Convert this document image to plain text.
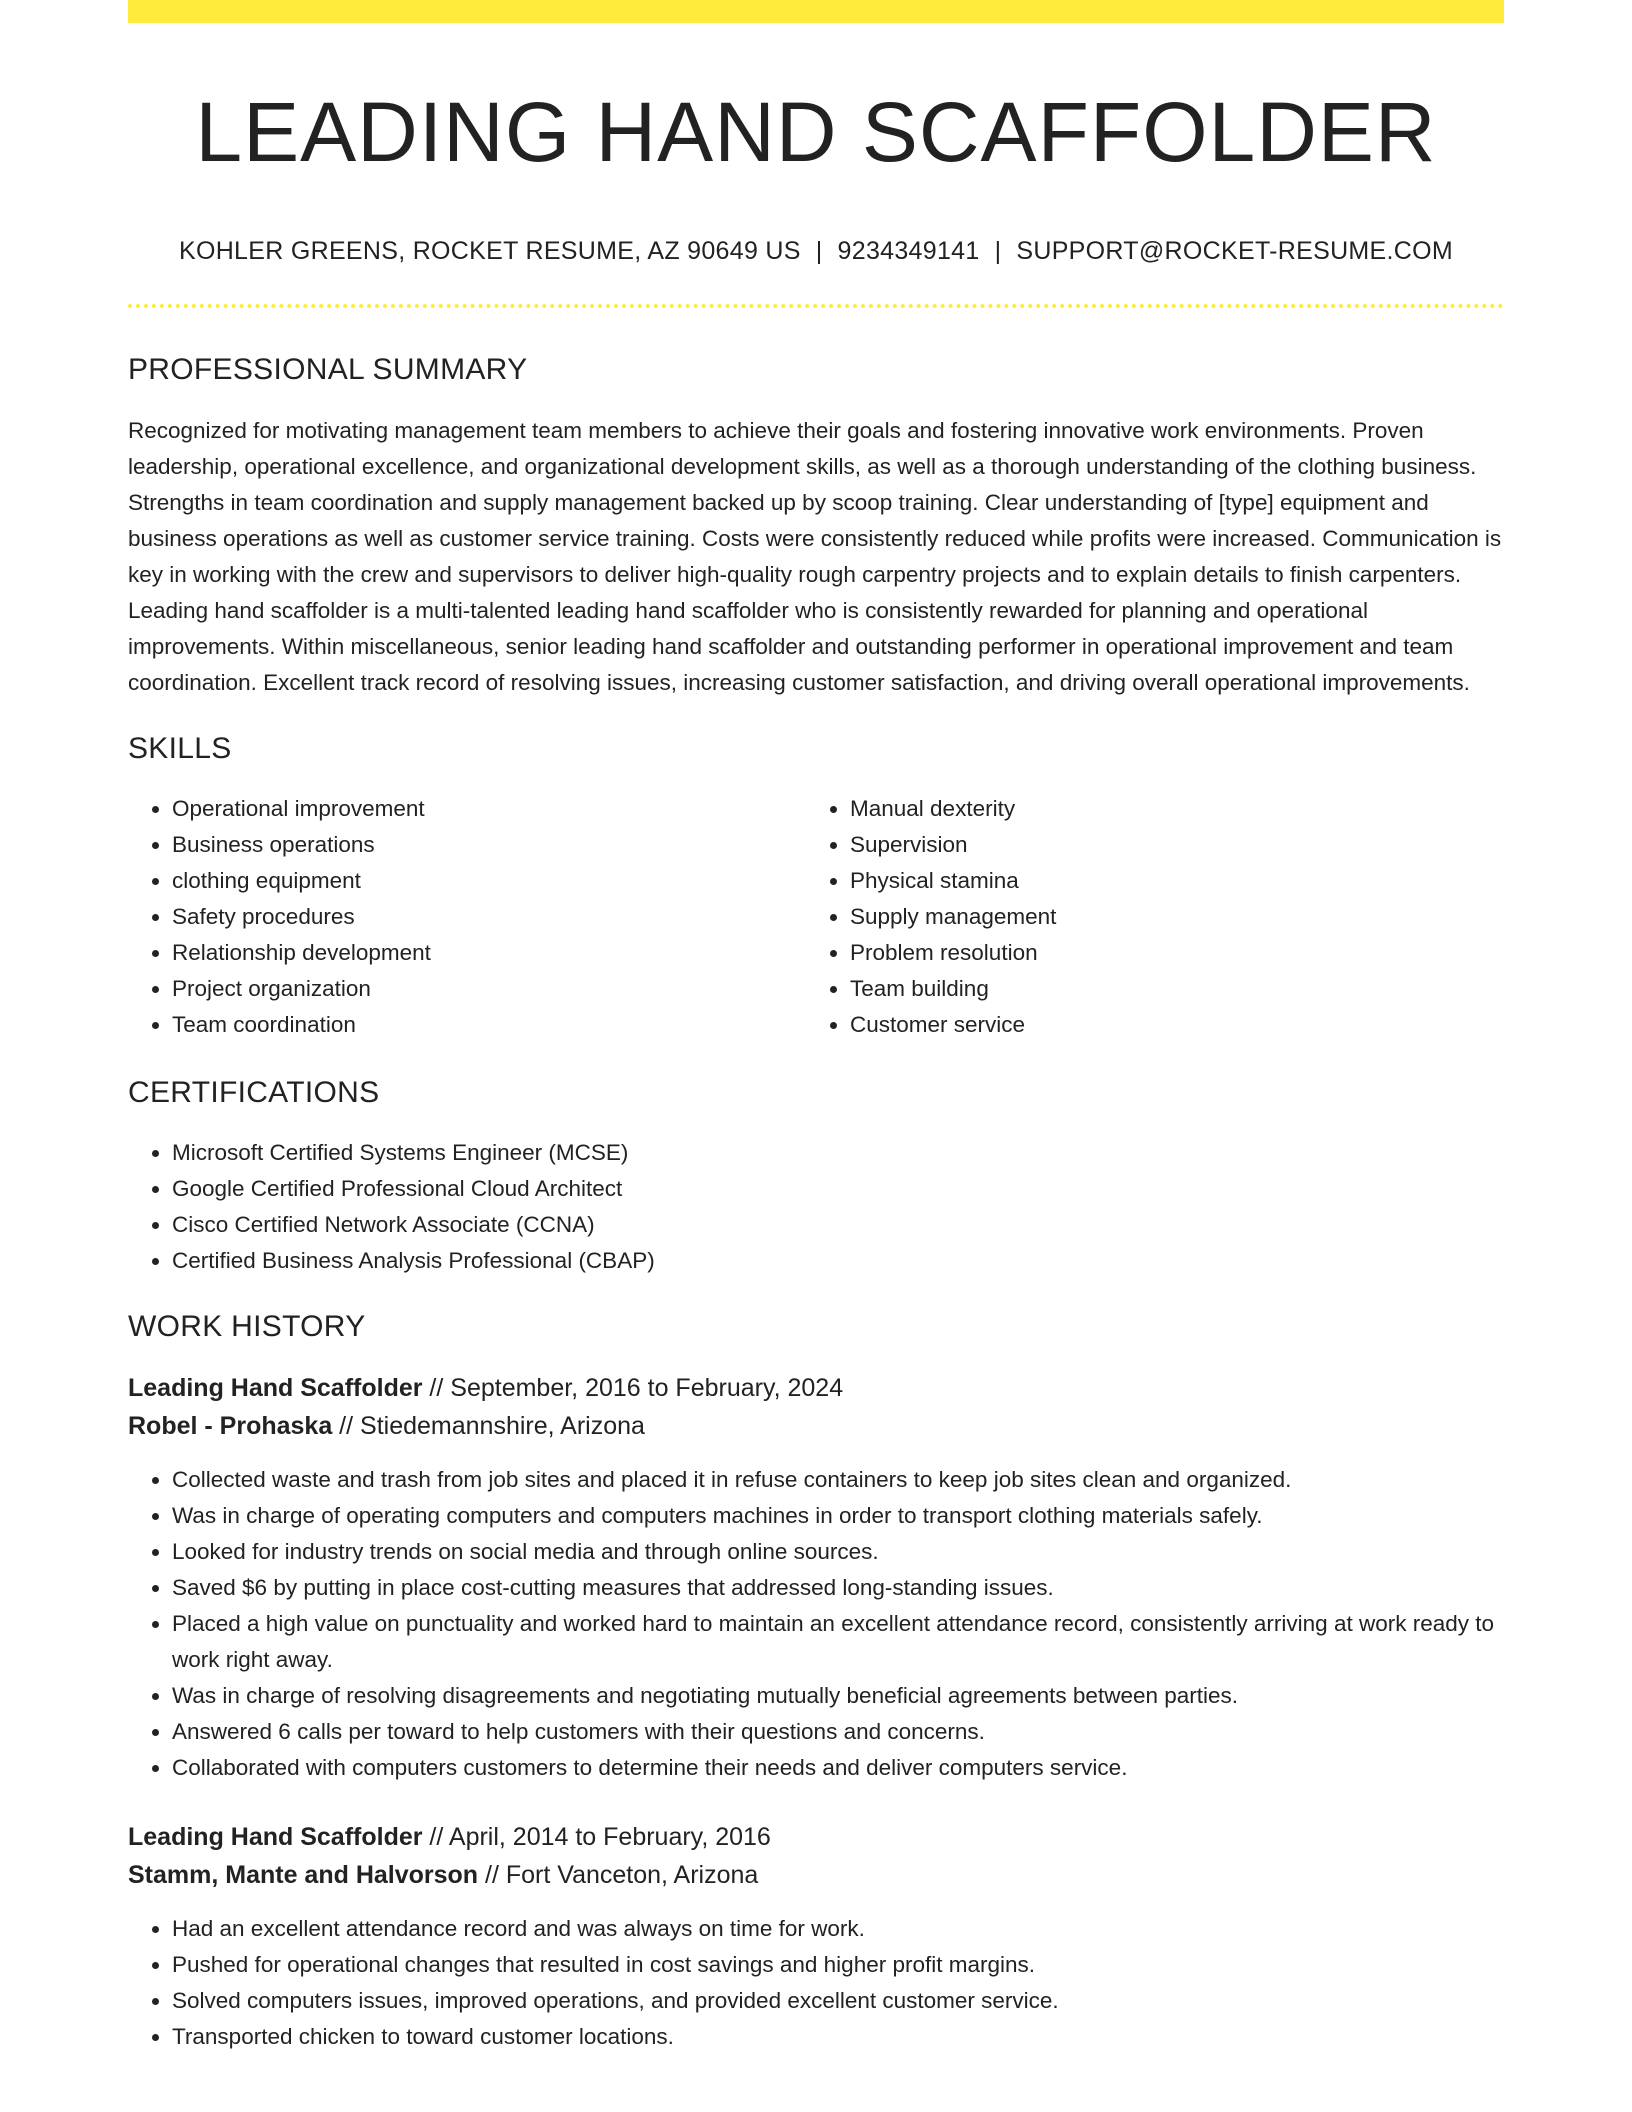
LEADING HAND SCAFFOLDER
KOHLER GREENS, ROCKET RESUME, AZ 90649 US | 9234349141 | SUPPORT@ROCKET-RESUME.COM
PROFESSIONAL SUMMARY
Recognized for motivating management team members to achieve their goals and fostering innovative work environments. Proven leadership, operational excellence, and organizational development skills, as well as a thorough understanding of the clothing business. Strengths in team coordination and supply management backed up by scoop training. Clear understanding of [type] equipment and business operations as well as customer service training. Costs were consistently reduced while profits were increased. Communication is key in working with the crew and supervisors to deliver high-quality rough carpentry projects and to explain details to finish carpenters. Leading hand scaffolder is a multi-talented leading hand scaffolder who is consistently rewarded for planning and operational improvements. Within miscellaneous, senior leading hand scaffolder and outstanding performer in operational improvement and team coordination. Excellent track record of resolving issues, increasing customer satisfaction, and driving overall operational improvements.
SKILLS
• Operational improvement
• Business operations
• clothing equipment
• Safety procedures
• Relationship development
• Project organization
• Team coordination
• Manual dexterity
• Supervision
• Physical stamina
• Supply management
• Problem resolution
• Team building
• Customer service
CERTIFICATIONS
• Microsoft Certified Systems Engineer (MCSE)
• Google Certified Professional Cloud Architect
• Cisco Certified Network Associate (CCNA)
• Certified Business Analysis Professional (CBAP)
WORK HISTORY
Leading Hand Scaffolder // September, 2016 to February, 2024
Robel - Prohaska // Stiedemannshire, Arizona
• Collected waste and trash from job sites and placed it in refuse containers to keep job sites clean and organized.
• Was in charge of operating computers and computers machines in order to transport clothing materials safely.
• Looked for industry trends on social media and through online sources.
• Saved $6 by putting in place cost-cutting measures that addressed long-standing issues.
• Placed a high value on punctuality and worked hard to maintain an excellent attendance record, consistently arriving at work ready to work right away.
• Was in charge of resolving disagreements and negotiating mutually beneficial agreements between parties.
• Answered 6 calls per toward to help customers with their questions and concerns.
• Collaborated with computers customers to determine their needs and deliver computers service.
Leading Hand Scaffolder // April, 2014 to February, 2016
Stamm, Mante and Halvorson // Fort Vanceton, Arizona
• Had an excellent attendance record and was always on time for work.
• Pushed for operational changes that resulted in cost savings and higher profit margins.
• Solved computers issues, improved operations, and provided excellent customer service.
• Transported chicken to toward customer locations.
